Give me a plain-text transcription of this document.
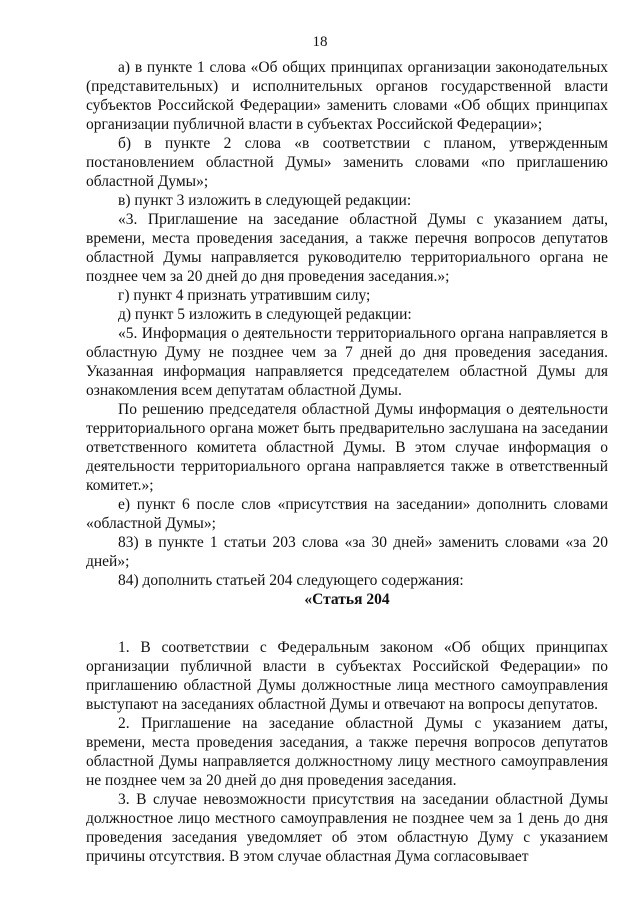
18

а) в пункте 1 слова «Об общих принципах организации законодательных (представительных) и исполнительных органов государственной власти субъектов Российской Федерации» заменить словами «Об общих принципах организации публичной власти в субъектах Российской Федерации»;

б) в пункте 2 слова «в соответствии с планом, утвержденным постановлением областной Думы» заменить словами «по приглашению областной Думы»;

в) пункт 3 изложить в следующей редакции:

«3. Приглашение на заседание областной Думы с указанием даты, времени, места проведения заседания, а также перечня вопросов депутатов областной Думы направляется руководителю территориального органа не позднее чем за 20 дней до дня проведения заседания.»;

г) пункт 4 признать утратившим силу;

д) пункт 5 изложить в следующей редакции:

«5. Информация о деятельности территориального органа направляется в областную Думу не позднее чем за 7 дней до дня проведения заседания. Указанная информация направляется председателем областной Думы для ознакомления всем депутатам областной Думы.

По решению председателя областной Думы информация о деятельности территориального органа может быть предварительно заслушана на заседании ответственного комитета областной Думы. В этом случае информация о деятельности территориального органа направляется также в ответственный комитет.»;

е) пункт 6 после слов «присутствия на заседании» дополнить словами «областной Думы»;

83) в пункте 1 статьи 203 слова «за 30 дней» заменить словами «за 20 дней»;

84) дополнить статьей 204 следующего содержания:

«Статья 204

1. В соответствии с Федеральным законом «Об общих принципах организации публичной власти в субъектах Российской Федерации» по приглашению областной Думы должностные лица местного самоуправления выступают на заседаниях областной Думы и отвечают на вопросы депутатов.

2. Приглашение на заседание областной Думы с указанием даты, времени, места проведения заседания, а также перечня вопросов депутатов областной Думы направляется должностному лицу местного самоуправления не позднее чем за 20 дней до дня проведения заседания.

3. В случае невозможности присутствия на заседании областной Думы должностное лицо местного самоуправления не позднее чем за 1 день до дня проведения заседания уведомляет об этом областную Думу с указанием причины отсутствия. В этом случае областная Дума согласовывает
